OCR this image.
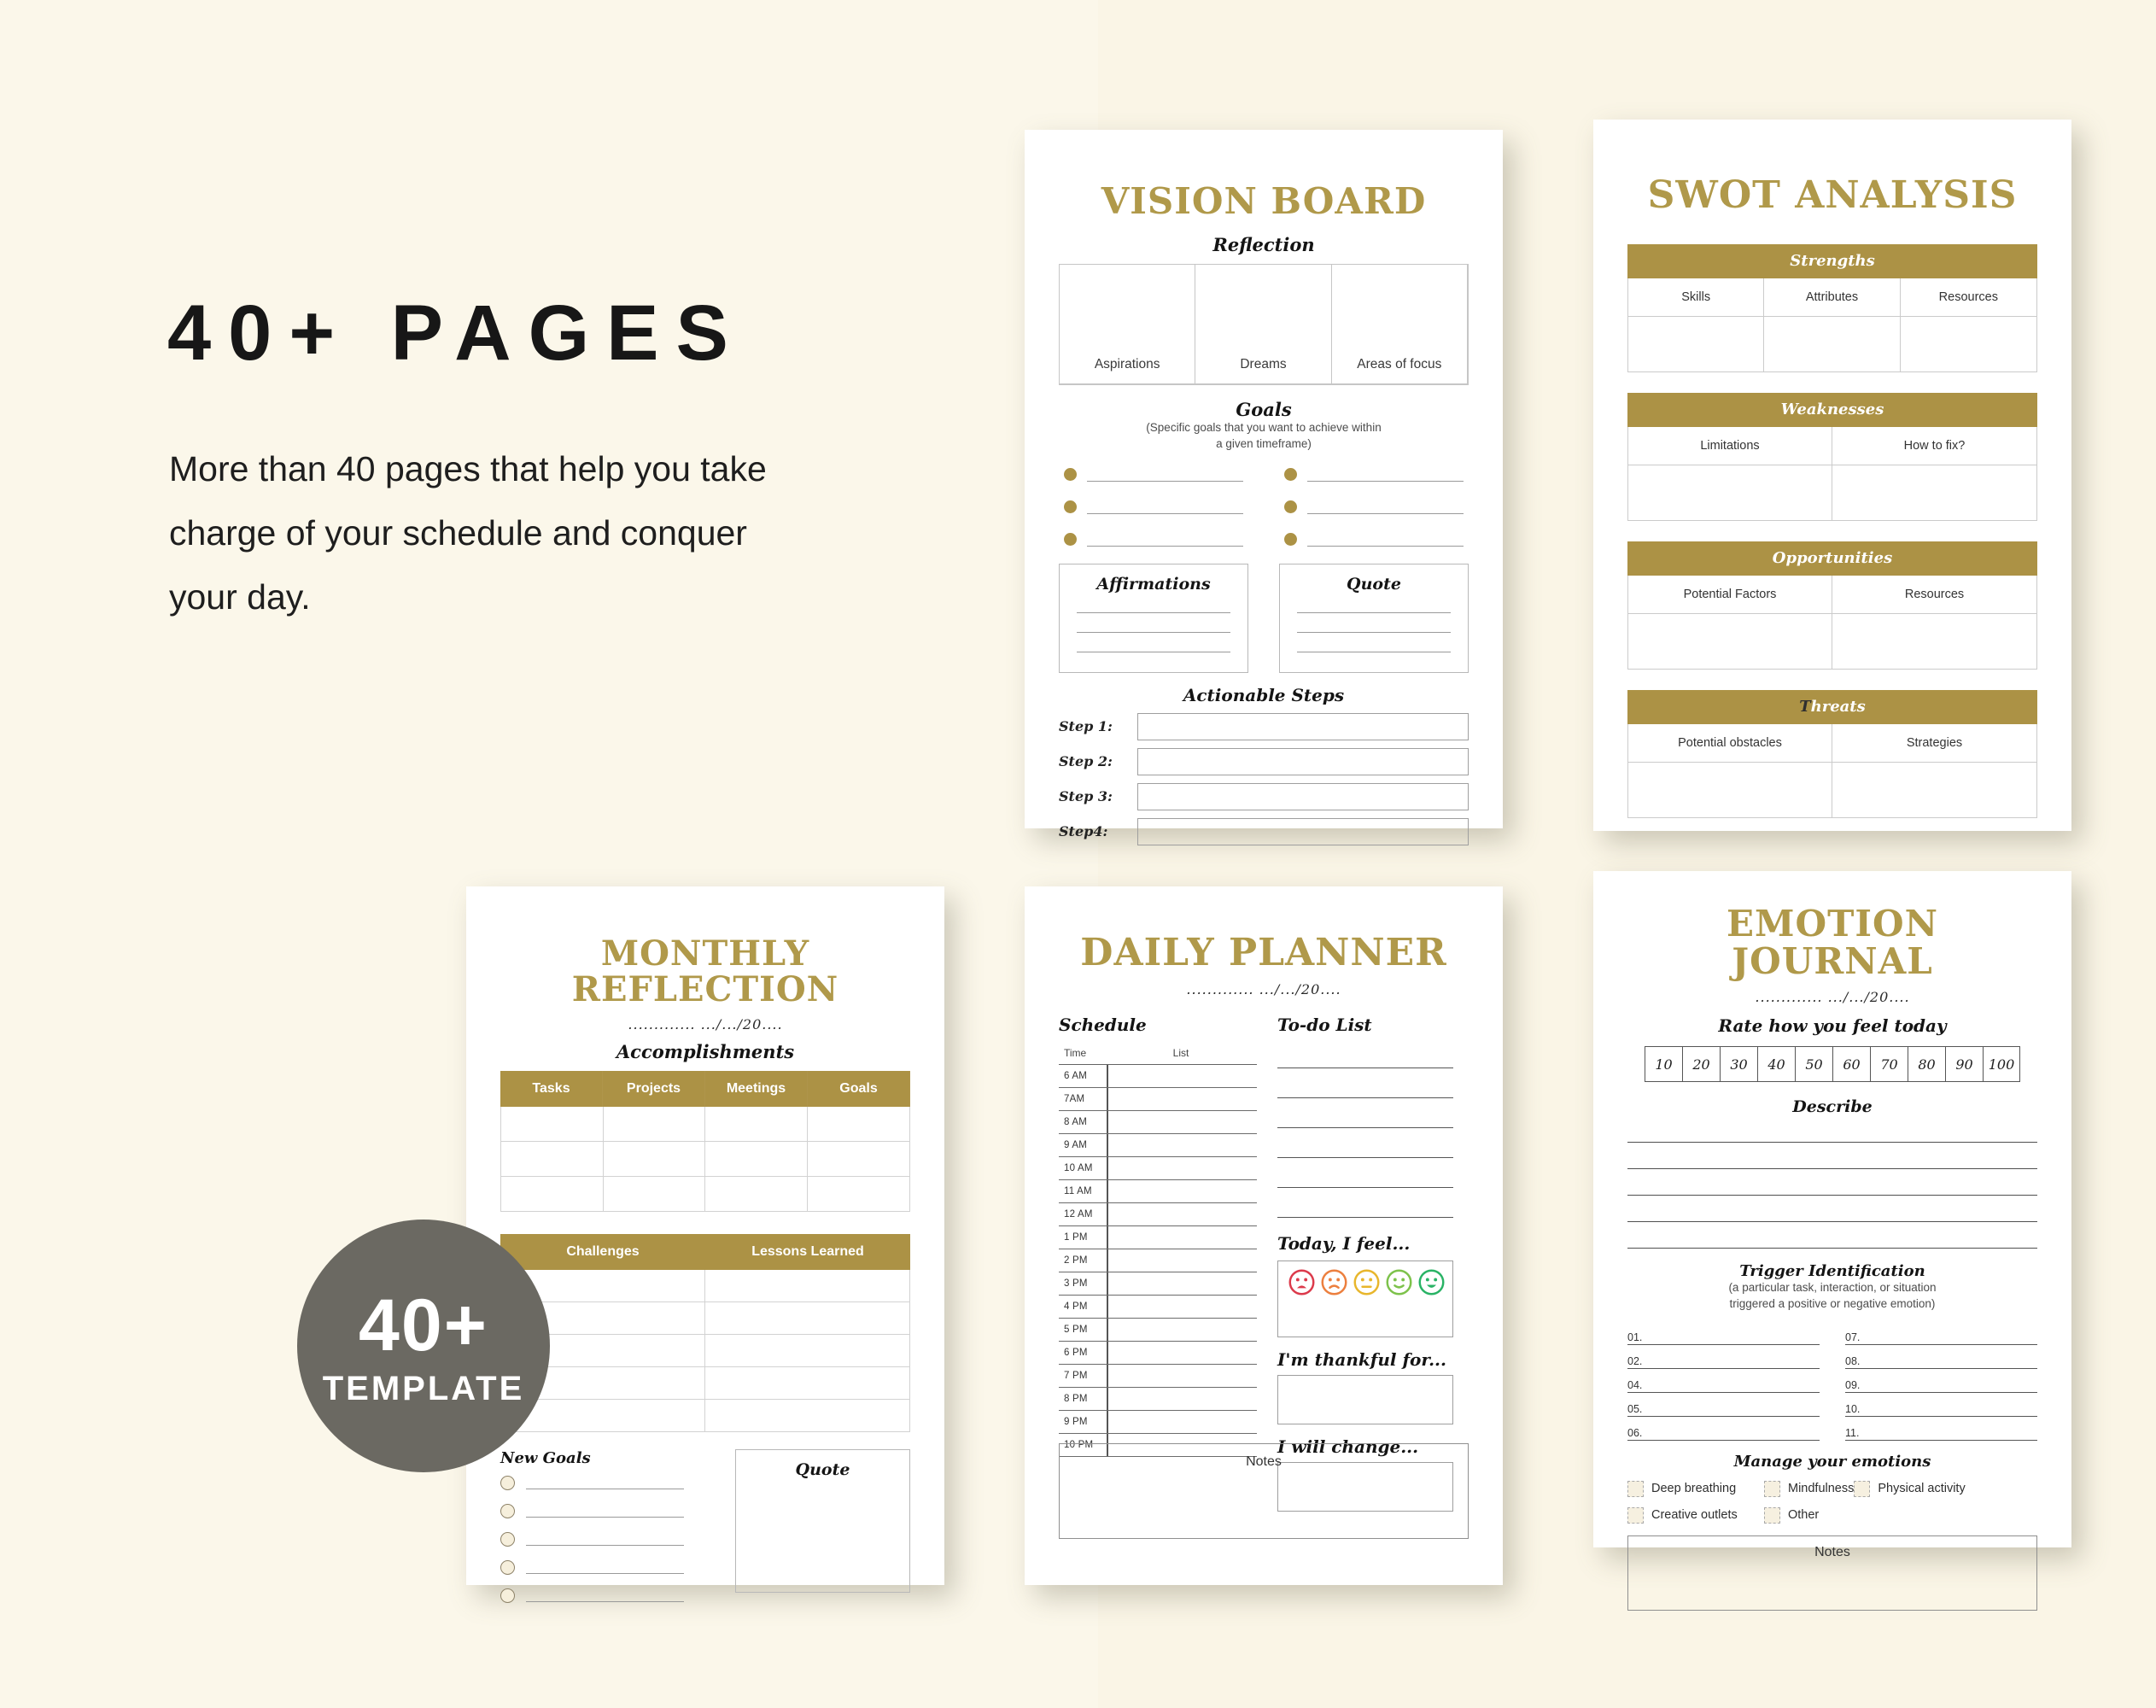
40+ PAGES
More than 40 pages that help you take charge of your schedule and conquer your day.
40+
TEMPLATE
VISION BOARD
Reflection
Aspirations	Dreams	Areas of focus
Goals
(Specific goals that you want to achieve within
a given timeframe)
Affirmations	Quote
Actionable Steps
Step 1:
Step 2:
Step 3:
Step4:
SWOT ANALYSIS
Strengths
Skills	Attributes	Resources
Weaknesses
Limitations	How to fix?
Opportunities
Potential Factors	Resources
Threats
Potential obstacles	Strategies
MONTHLY REFLECTION
............. .../.../20....
Accomplishments
Tasks	Projects	Meetings	Goals
Challenges	Lessons Learned
New Goals
Quote
DAILY PLANNER
............. .../.../20....
Schedule
Time	List
6 AM
7AM
8 AM
9 AM
10 AM
11 AM
12 AM
1 PM
2 PM
3 PM
4 PM
5 PM
6 PM
7 PM
8 PM
9 PM
10 PM
To-do List
Today, I feel...
I'm thankful for...
I will change...
Notes
EMOTION JOURNAL
............. .../.../20....
Rate how you feel today
10	20	30	40	50	60	70	80	90	100
Describe
Trigger Identification
(a particular task, interaction, or situation
triggered a positive or negative emotion)
01.
02.
04.
05.
06.
07.
08.
09.
10.
11.
Manage your emotions
Deep breathing	Mindfulness Physical activity
Creative outlets	Other
Notes
